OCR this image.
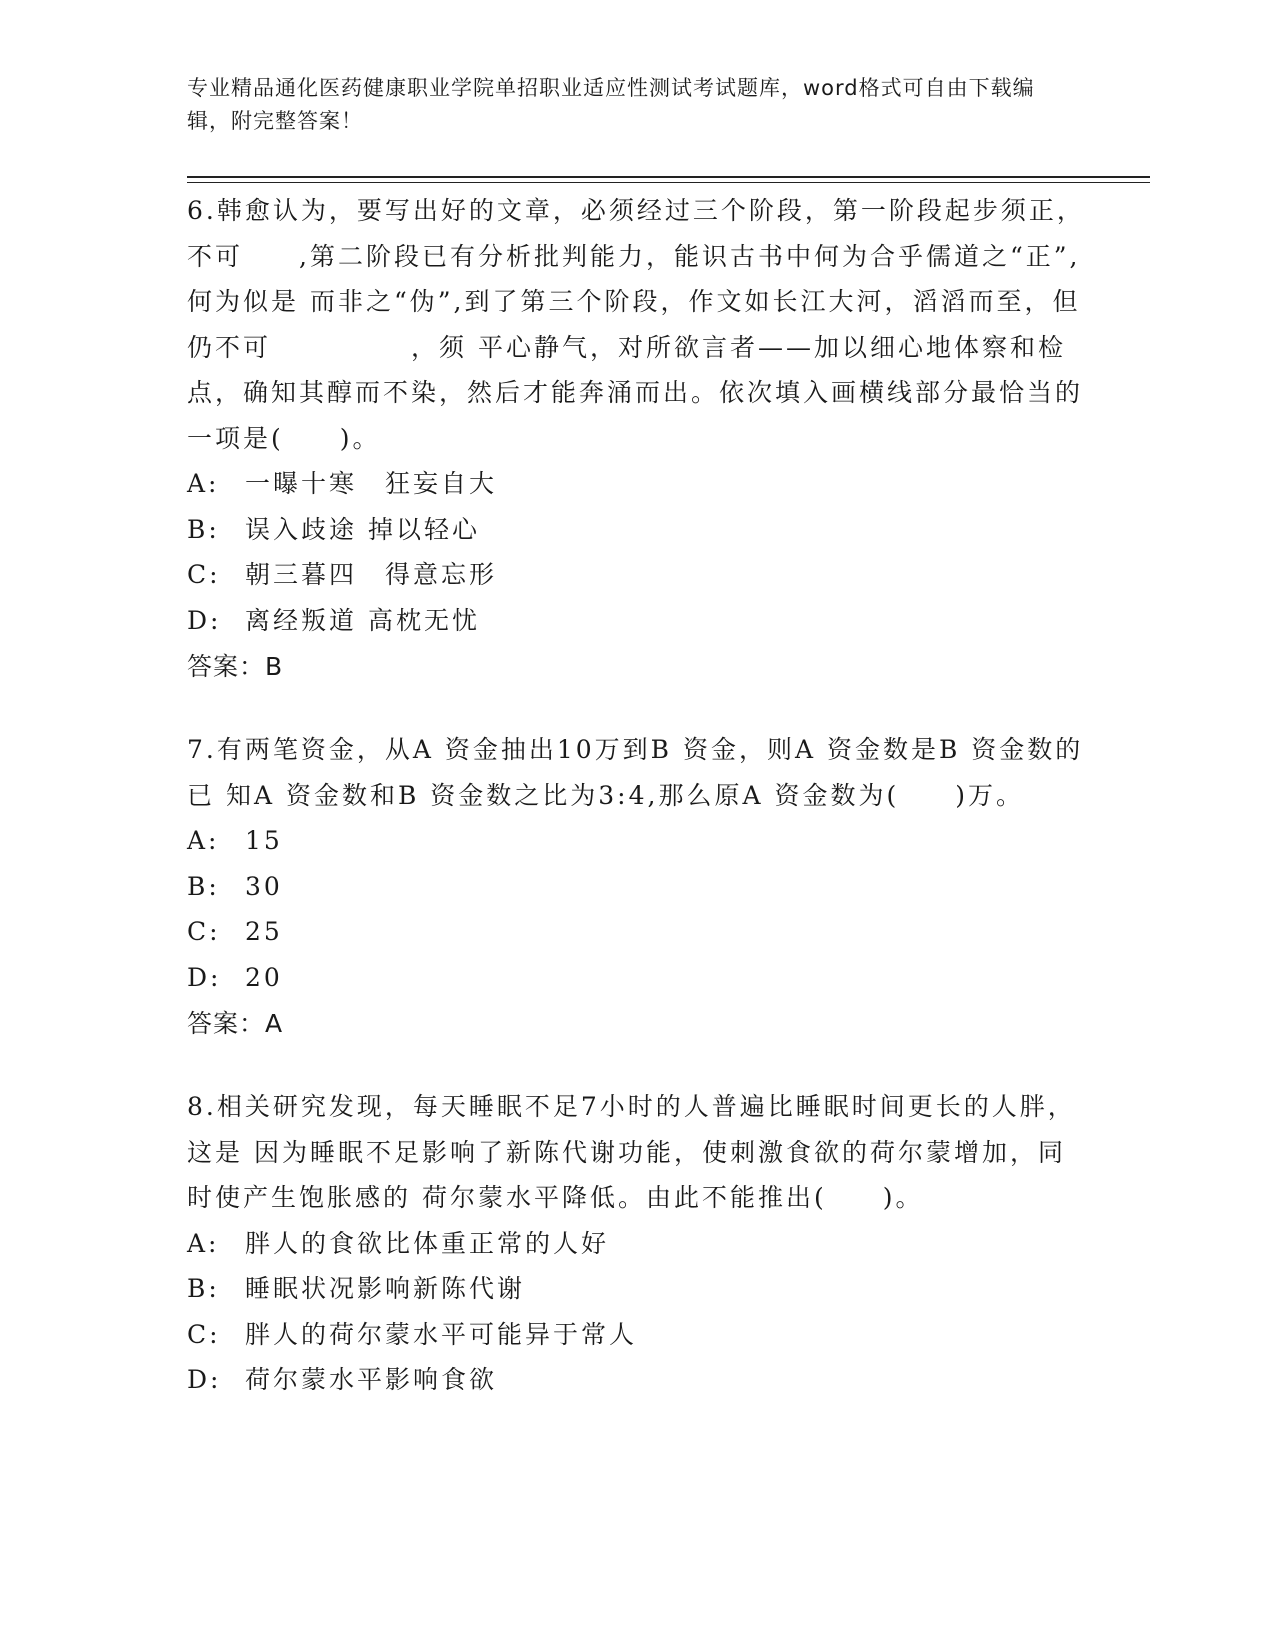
专业精品通化医药健康职业学院单招职业适应性测试考试题库，word格式可自由下载编辑，附完整答案！

6.韩愈认为，要写出好的文章，必须经过三个阶段，第一阶段起步须正，不可　　,第二阶段已有分析批判能力，能识古书中何为合乎儒道之“正”,何为似是 而非之“伪”,到了第三个阶段，作文如长江大河，滔滔而至，但仍不可　　　　　，须 平心静气，对所欲言者——加以细心地体察和检点，确知其醇而不染，然后才能奔涌而出。依次填入画横线部分最恰当的一项是(　　)。

A:	一曝十寒　狂妄自大
B:	误入歧途 掉以轻心
C: 朝三暮四　得意忘形
D: 离经叛道 高枕无忧
答案：B

7.有两笔资金，从A 资金抽出10万到B 资金，则A 资金数是B 资金数的已 知A 资金数和B 资金数之比为3:4,那么原A 资金数为(　　)万。

A:	15
B:	30
C: 25
D: 20
答案：A

8.相关研究发现，每天睡眠不足7小时的人普遍比睡眠时间更长的人胖，这是 因为睡眠不足影响了新陈代谢功能，使刺激食欲的荷尔蒙增加，同时使产生饱胀感的 荷尔蒙水平降低。由此不能推出(　　)。

A:	胖人的食欲比体重正常的人好
B:	睡眠状况影响新陈代谢
C: 胖人的荷尔蒙水平可能异于常人
D: 荷尔蒙水平影响食欲
